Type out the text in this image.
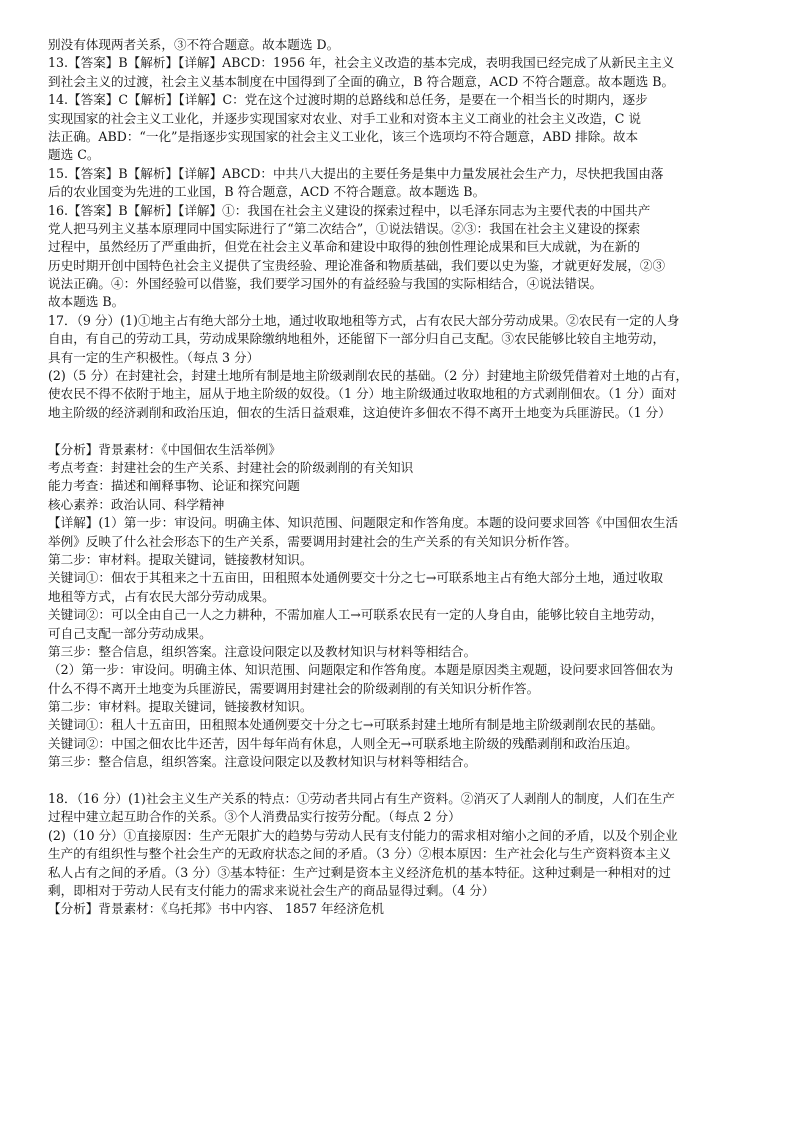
别没有体现两者关系，③不符合题意。故本题选 D。
13.【答案】B【解析】【详解】ABCD：1956 年，社会主义改造的基本完成，表明我国已经完成了从新民主主义
到社会主义的过渡，社会主义基本制度在中国得到了全面的确立，B 符合题意，ACD 不符合题意。故本题选 B。
14.【答案】C【解析】【详解】C：党在这个过渡时期的总路线和总任务，是要在一个相当长的时期内，逐步
实现国家的社会主义工业化，并逐步实现国家对农业、对手工业和对资本主义工商业的社会主义改造，C 说
法正确。ABD：“一化”是指逐步实现国家的社会主义工业化，该三个选项均不符合题意，ABD 排除。故本
题选 C。
15.【答案】B【解析】【详解】ABCD：中共八大提出的主要任务是集中力量发展社会生产力，尽快把我国由落
后的农业国变为先进的工业国，B 符合题意，ACD 不符合题意。故本题选 B。
16.【答案】B【解析】【详解】①：我国在社会主义建设的探索过程中，以毛泽东同志为主要代表的中国共产
党人把马列主义基本原理同中国实际进行了“第二次结合”，①说法错误。②③：我国在社会主义建设的探索
过程中，虽然经历了严重曲折，但党在社会主义革命和建设中取得的独创性理论成果和巨大成就，为在新的
历史时期开创中国特色社会主义提供了宝贵经验、理论准备和物质基础，我们要以史为鉴，才就更好发展，②③
说法正确。④：外国经验可以借鉴，我们要学习国外的有益经验与我国的实际相结合，④说法错误。
故本题选 B。
17．（9 分）(1)①地主占有绝大部分土地，通过收取地租等方式，占有农民大部分劳动成果。②农民有一定的人身
自由，有自己的劳动工具，劳动成果除缴纳地租外，还能留下一部分归自己支配。③农民能够比较自主地劳动，
具有一定的生产积极性。（每点 3 分）
(2)（5 分）在封建社会，封建土地所有制是地主阶级剥削农民的基础。（2 分）封建地主阶级凭借着对土地的占有，
使农民不得不依附于地主，屈从于地主阶级的奴役。（1 分）地主阶级通过收取地租的方式剥削佃农。（1 分）面对
地主阶级的经济剥削和政治压迫，佃农的生活日益艰难，这迫使许多佃农不得不离开土地变为兵匪游民。（1 分）
【分析】背景素材：《中国佃农生活举例》
考点考查：封建社会的生产关系、封建社会的阶级剥削的有关知识
能力考查：描述和阐释事物、论证和探究问题
核心素养：政治认同、科学精神
【详解】(1）第一步：审设问。明确主体、知识范围、问题限定和作答角度。本题的设问要求回答《中国佃农生活
举例》反映了什么社会形态下的生产关系，需要调用封建社会的生产关系的有关知识分析作答。
第二步：审材料。提取关键词，链接教材知识。
关键词①：佃农于其租来之十五亩田，田租照本处通例要交十分之七→可联系地主占有绝大部分土地，通过收取
地租等方式，占有农民大部分劳动成果。
关键词②：可以全由自己一人之力耕种，不需加雇人工→可联系农民有一定的人身自由，能够比较自主地劳动，
可自己支配一部分劳动成果。
第三步：整合信息，组织答案。注意设问限定以及教材知识与材料等相结合。
（2）第一步：审设问。明确主体、知识范围、问题限定和作答角度。本题是原因类主观题，设问要求回答佃农为
什么不得不离开土地变为兵匪游民，需要调用封建社会的阶级剥削的有关知识分析作答。
第二步：审材料。提取关键词，链接教材知识。
关键词①：租人十五亩田，田租照本处通例要交十分之七→可联系封建土地所有制是地主阶级剥削农民的基础。
关键词②：中国之佃农比牛还苦，因牛每年尚有休息，人则全无→可联系地主阶级的残酷剥削和政治压迫。
第三步：整合信息，组织答案。注意设问限定以及教材知识与材料等相结合。
18．（16 分）(1)社会主义生产关系的特点：①劳动者共同占有生产资料。②消灭了人剥削人的制度，人们在生产
过程中建立起互助合作的关系。③个人消费品实行按劳分配。（每点 2 分）
(2)（10 分）①直接原因：生产无限扩大的趋势与劳动人民有支付能力的需求相对缩小之间的矛盾，以及个别企业
生产的有组织性与整个社会生产的无政府状态之间的矛盾。（3 分）②根本原因：生产社会化与生产资料资本主义
私人占有之间的矛盾。（3 分）③基本特征：生产过剩是资本主义经济危机的基本特征。这种过剩是一种相对的过
剩，即相对于劳动人民有支付能力的需求来说社会生产的商品显得过剩。（4 分）
【分析】背景素材：《乌托邦》书中内容、 1857 年经济危机
